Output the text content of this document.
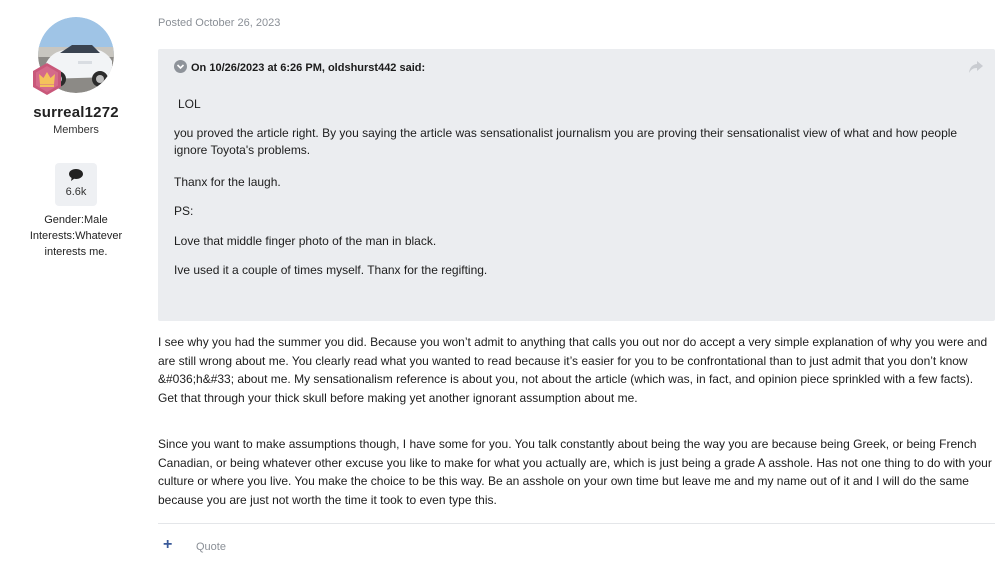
surreal1272
Members
6.6k
Gender:Male
Interests:Whatever
interests me.
Posted October 26, 2023
On 10/26/2023 at 6:26 PM, oldshurst442 said:
LOL
you proved the article right. By you saying the article was sensationalist journalism you are proving their sensationalist view of what and how people ignore Toyota's problems.
Thanx for the laugh.
PS:
Love that middle finger photo of the man in black.
Ive used it a couple of times myself. Thanx for the regifting.
I see why you had the summer you did. Because you won’t admit to anything that calls you out nor do accept a very simple explanation of why you were and are still wrong about me. You clearly read what you wanted to read because it’s easier for you to be confrontational than to just admit that you don’t know &#036;h&#33; about me. My sensationalism reference is about you, not about the article (which was, in fact, and opinion piece sprinkled with a few facts). Get that through your thick skull before making yet another ignorant assumption about me.
Since you want to make assumptions though, I have some for you. You talk constantly about being the way you are because being Greek, or being French Canadian, or being whatever other excuse you like to make for what you actually are, which is just being a grade A asshole. Has not one thing to do with your culture or where you live. You make the choice to be this way. Be an asshole on your own time but leave me and my name out of it and I will do the same because you are just not worth the time it took to even type this.
+	Quote
